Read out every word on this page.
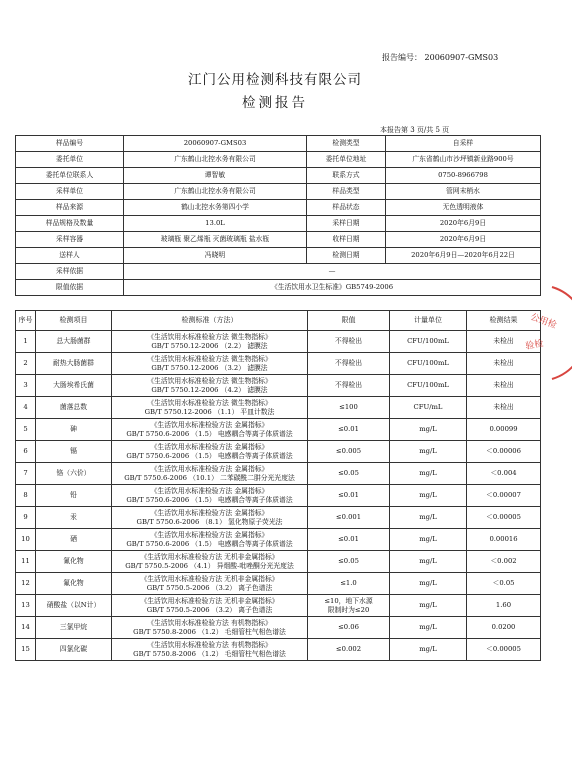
报告编号： 20060907-GMS03
江门公用检测科技有限公司
检测报告
本报告第 3 页/共 5 页
样品编号	20060907-GMS03	检测类型	自采样
委托单位	广东鹤山北控水务有限公司	委托单位地址	广东省鹤山市沙坪镇新业路900号
委托单位联系人	谭智敏	联系方式	0750-8966798
采样单位	广东鹤山北控水务有限公司	样品类型	管网末梢水
样品来源	鹤山北控水务第四小学	样品状态	无色透明液体
样品规格及数量	13.0L	采样日期	2020年6月9日
采样容器	玻璃瓶 聚乙烯瓶 灭菌玻璃瓶 盐水瓶	收样日期	2020年6月9日
送样人	冯晓明	检测日期	2020年6月9日—2020年6月22日
采样依据	—		
限值依据	《生活饮用水卫生标准》GB5749-2006		
序号	检测项目	检测标准（方法）	限值	计量单位	检测结果
1	总大肠菌群	《生活饮用水标准检验方法 微生物指标》
GB/T 5750.12-2006 （2.2） 滤膜法	不得检出	CFU/100mL	未检出
2	耐热大肠菌群	《生活饮用水标准检验方法 微生物指标》
GB/T 5750.12-2006 （3.2） 滤膜法	不得检出	CFU/100mL	未检出
3	大肠埃希氏菌	《生活饮用水标准检验方法 微生物指标》
GB/T 5750.12-2006 （4.2） 滤膜法	不得检出	CFU/100mL	未检出
4	菌落总数	《生活饮用水标准检验方法 微生物指标》
GB/T 5750.12-2006 （1.1） 平皿计数法	≤100	CFU/mL	未检出
5	砷	《生活饮用水标准检验方法 金属指标》
GB/T 5750.6-2006 （1.5） 电感耦合等离子体质谱法	≤0.01	mg/L	0.00099
6	镉	《生活饮用水标准检验方法 金属指标》
GB/T 5750.6-2006 （1.5） 电感耦合等离子体质谱法	≤0.005	mg/L	＜0.00006
7	铬（六价）	《生活饮用水标准检验方法 金属指标》
GB/T 5750.6-2006 （10.1） 二苯碳酰二肼分光光度法	≤0.05	mg/L	＜0.004
8	铅	《生活饮用水标准检验方法 金属指标》
GB/T 5750.6-2006 （1.5） 电感耦合等离子体质谱法	≤0.01	mg/L	＜0.00007
9	汞	《生活饮用水标准检验方法 金属指标》
GB/T 5750.6-2006 （8.1） 氢化物原子荧光法	≤0.001	mg/L	＜0.00005
10	硒	《生活饮用水标准检验方法 金属指标》
GB/T 5750.6-2006 （1.5） 电感耦合等离子体质谱法	≤0.01	mg/L	0.00016
11	氰化物	《生活饮用水标准检验方法 无机非金属指标》
GB/T 5750.5-2006 （4.1） 异烟酸-吡唑酮分光光度法	≤0.05	mg/L	＜0.002
12	氟化物	《生活饮用水标准检验方法 无机非金属指标》
GB/T 5750.5-2006 （3.2） 离子色谱法	≤1.0	mg/L	＜0.05
13	硝酸盐（以N计）	《生活饮用水标准检验方法 无机非金属指标》
GB/T 5750.5-2006 （3.2） 离子色谱法	≤10，地下水源
限制时为≤20	mg/L	1.60
14	三氯甲烷	《生活饮用水标准检验方法 有机物指标》
GB/T 5750.8-2006 （1.2） 毛细管柱气相色谱法	≤0.06	mg/L	0.0200
15	四氯化碳	《生活饮用水标准检验方法 有机物指标》
GB/T 5750.8-2006 （1.2） 毛细管柱气相色谱法	≤0.002	mg/L	＜0.00005
公用检
验检
